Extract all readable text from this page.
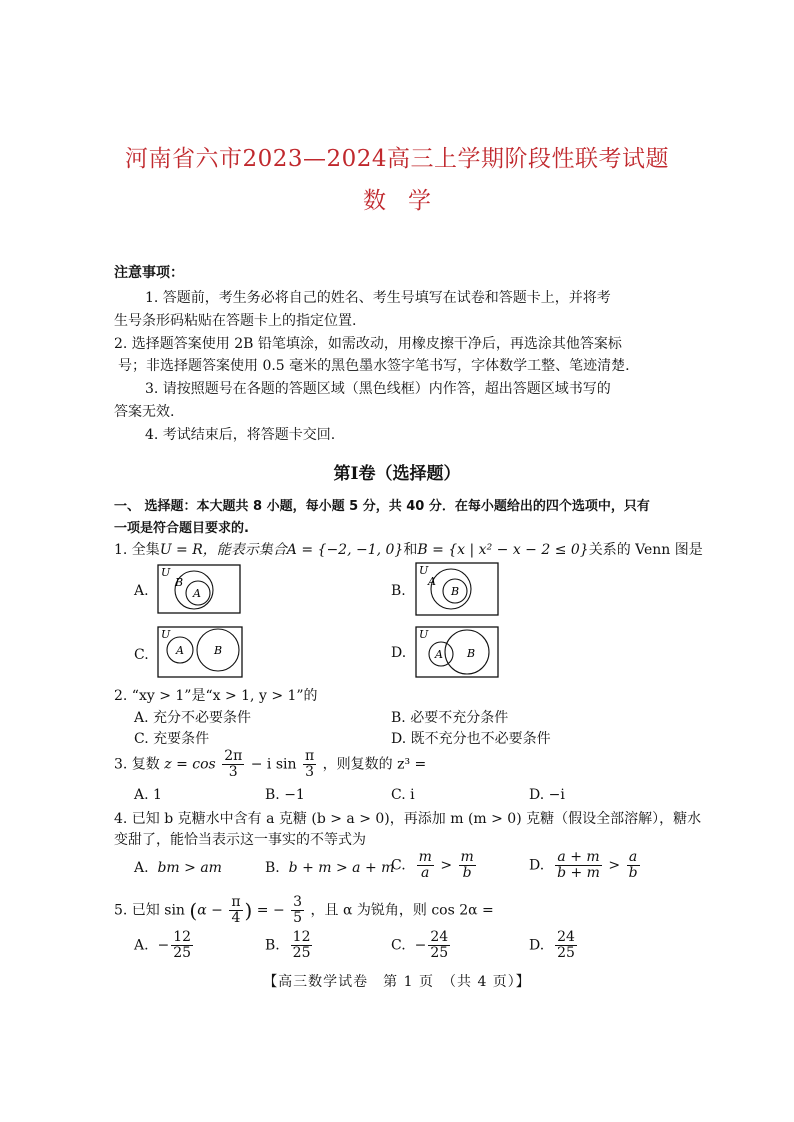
河南省六市2023—2024高三上学期阶段性联考试题
数学
注意事项：
1. 答题前，考生务必将自己的姓名、考生号填写在试卷和答题卡上，并将考
生号条形码粘贴在答题卡上的指定位置.
2. 选择题答案使用 2B 铅笔填涂，如需改动，用橡皮擦干净后，再选涂其他答案标
号；非选择题答案使用 0.5 毫米的黑色墨水签字笔书写，字体数学工整、笔迹清楚.
3. 请按照题号在各题的答题区域（黑色线框）内作答，超出答题区域书写的
答案无效.
4. 考试结束后，将答题卡交回.
第Ⅰ卷（选择题）
一、 选择题：本大题共 8 小题，每小题 5 分，共 40 分．在每小题给出的四个选项中，只有
一项是符合题目要求的.
1. 全集U = R，能表示集合A = {−2, −1, 0}和B = {x | x² − x − 2 ≤ 0}关系的 Venn 图是
A.
U
B
A	B.
U
A
B
C.
U
A	B	D.
U
A B
2. “xy > 1”是“x > 1, y > 1”的
A. 充分不必要条件	B. 必要不充分条件
C. 充要条件	D. 既不充分也不必要条件
3. 复数 $z = \cos \frac{2\pi}{3} - i$ $\sin \frac{\pi}{3}$ ，则复数的 z³ =
A. 1	B. −1	C. i	D. −i
4. 已知 b 克糖水中含有 a 克糖 (b > a > 0)，再添加 m (m > 0) 克糖（假设全部溶解），糖水
变甜了，能恰当表示这一事实的不等式为
A. bm > am	B. b + m > a + m
C. $\frac{m}{a} > \frac{m}{b}$	D. $\frac{a + m}{b + m} > \frac{a}{b}$
5. 已知 $\sin (\alpha - \frac{\pi}{4}$ ) = − $\frac{3}{5}$ ，且 α 为锐角，则 cos 2α =
A. − $\frac{12}{25}$	B. $\frac{12}{25}$	C. − $\frac{24}{25}$	D. $\frac{24}{25}$
【高三数学试卷　第 1 页　（共 4 页）】
